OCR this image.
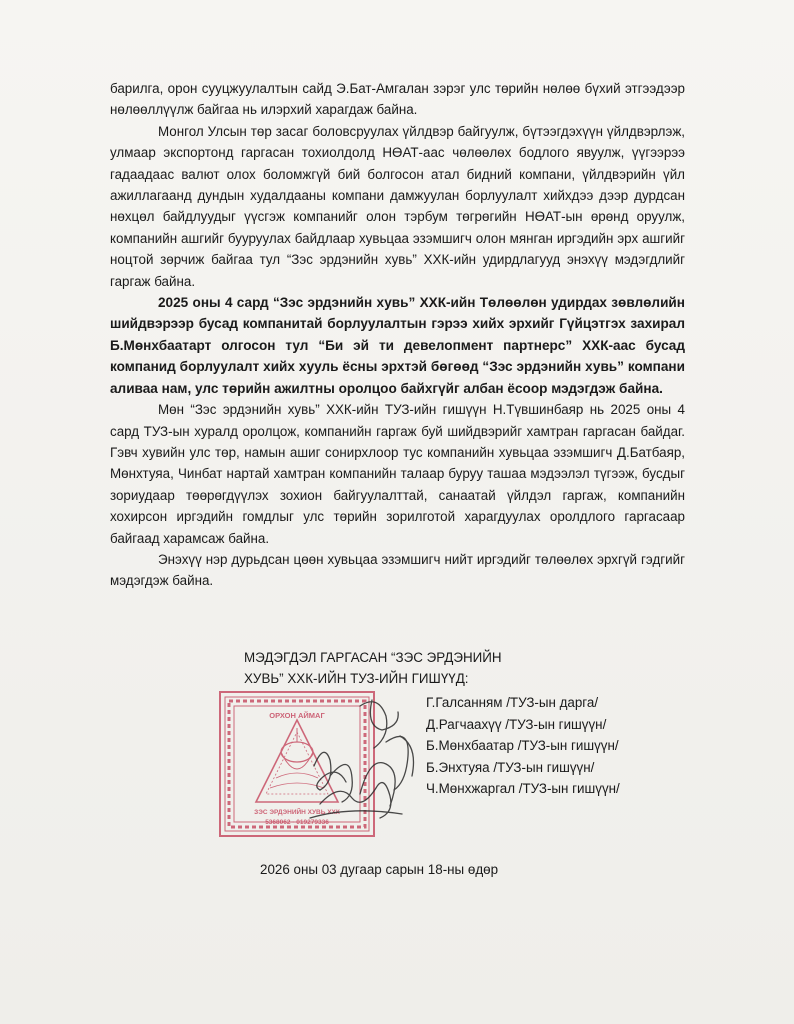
барилга, орон сууцжуулалтын сайд Э.Бат-Амгалан зэрэг улс төрийн нөлөө бүхий этгээдээр нөлөөллүүлж байгаа нь илэрхий харагдаж байна.

Монгол Улсын төр засаг боловсруулах үйлдвэр байгуулж, бүтээгдэхүүн үйлдвэрлэж, улмаар экспортонд гаргасан тохиолдолд НӨАТ-аас чөлөөлөх бодлого явуулж, үүгээрээ гадаадаас валют олох боломжгүй бий болгосон атал бидний компани, үйлдвэрийн үйл ажиллагаанд дундын худалдааны компани дамжуулан борлуулалт хийхдээ дээр дурдсан нөхцөл байдлуудыг үүсгэж компанийг олон тэрбум төгрөгийн НӨАТ-ын өрөнд оруулж, компанийн ашгийг бууруулах байдлаар хувьцаа эзэмшигч олон мянган иргэдийн эрх ашгийг ноцтой зөрчиж байгаа тул “Зэс эрдэнийн хувь” ХХК-ийн удирдлагууд энэхүү мэдэгдлийг гаргаж байна.

2025 оны 4 сард “Зэс эрдэнийн хувь” ХХК-ийн Төлөөлөн удирдах зөвлөлийн шийдвэрээр бусад компанитай борлуулалтын гэрээ хийх эрхийг Гүйцэтгэх захирал Б.Мөнхбаатарт олгосон тул “Би эй ти девелопмент партнерс” ХХК-аас бусад компанид борлуулалт хийх хууль ёсны эрхтэй бөгөөд “Зэс эрдэнийн хувь” компани аливаа нам, улс төрийн ажилтны оролцоо байхгүйг албан ёсоор мэдэгдэж байна.

Мөн “Зэс эрдэнийн хувь” ХХК-ийн ТУЗ-ийн гишүүн Н.Түвшинбаяр нь 2025 оны 4 сард ТУЗ-ын хуралд оролцож, компанийн гаргаж буй шийдвэрийг хамтран гаргасан байдаг. Гэвч хувийн улс төр, намын ашиг сонирхлоор тус компанийн хувьцаа эзэмшигч Д.Батбаяр, Мөнхтуяа, Чинбат нартай хамтран компанийн талаар буруу ташаа мэдээлэл түгээж, бусдыг зориудаар төөрөгдүүлэх зохион байгуулалттай, санаатай үйлдэл гаргаж, компанийн хохирсон иргэдийн гомдлыг улс төрийн зорилготой харагдуулах оролдлого гаргасаар байгаад харамсаж байна.

Энэхүү нэр дурьдсан цөөн хувьцаа эзэмшигч нийт иргэдийг төлөөлөх эрхгүй гэдгийг мэдэгдэж байна.

МЭДЭГДЭЛ ГАРГАСАН “ЗЭС ЭРДЭНИЙН
ХУВЬ” ХХК-ИЙН ТУЗ-ИЙН ГИШҮҮД:
ОРХОН АЙМАГ
ЗЭС ЭРДЭНИЙН ХУВЬ ХХК
5368062 · 019279336
Г.Галсанням /ТУЗ-ын дарга/
Д.Рагчаахүү /ТУЗ-ын гишүүн/
Б.Мөнхбаатар /ТУЗ-ын гишүүн/
Б.Энхтуяа /ТУЗ-ын гишүүн/
Ч.Мөнхжаргал /ТУЗ-ын гишүүн/
2026 оны 03 дугаар сарын 18-ны өдөр
